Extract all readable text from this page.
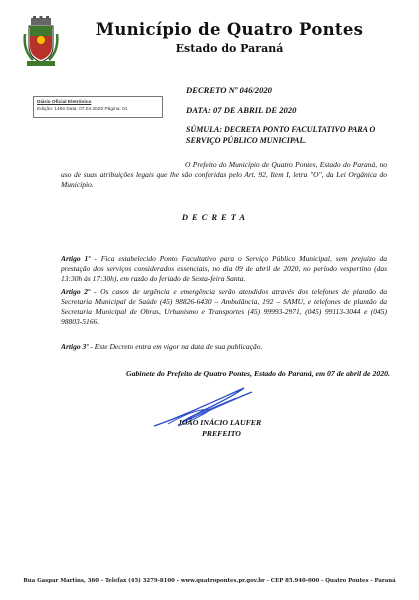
Município de Quatro Pontes
Estado do Paraná
Diário Oficial Eletrônico
Edição: 1466 Data: 07.04.2020 Página: 01
DECRETO Nº 046/2020
DATA: 07 DE ABRIL DE 2020
SÚMULA: DECRETA PONTO FACULTATIVO PARA O SERVIÇO PÚBLICO MUNICIPAL.
O Prefeito do Município de Quatro Pontes, Estado do Paraná, no uso de suas atribuições legais que lhe são conferidas pelo Art. 92, Item I, letra "O", da Lei Orgânica do Município.
DECRETA
Artigo 1º - Fica estabelecido Ponto Facultativo para o Serviço Público Municipal, sem prejuízo da prestação dos serviços considerados essenciais, no dia 09 de abril de 2020, no período vespertino (das 13:30h às 17:30h), em razão do feriado de Sexta-feira Santa.
Artigo 2º - Os casos de urgência e emergência serão atendidos através dos telefones de plantão da Secretaria Municipal de Saúde (45) 98826-6430 – Ambulância, 192 – SAMU, e telefones de plantão da Secretaria Municipal de Obras, Urbanismo e Transportes (45) 99993-2971, (045) 99113-3044 e (045) 98803-5166.
Artigo 3º - Este Decreto entra em vigor na data de sua publicação.
Gabinete do Prefeito de Quatro Pontes, Estado do Paraná, em 07 de abril de 2020.
JOÃO INÁCIO LAUFER
PREFEITO
Rua Gaspar Martins, 360 - Telefax (45) 3279-8100 - www.quatropontes.pr.gov.br - CEP 85.940-000 - Quatro Pontes - Paraná
